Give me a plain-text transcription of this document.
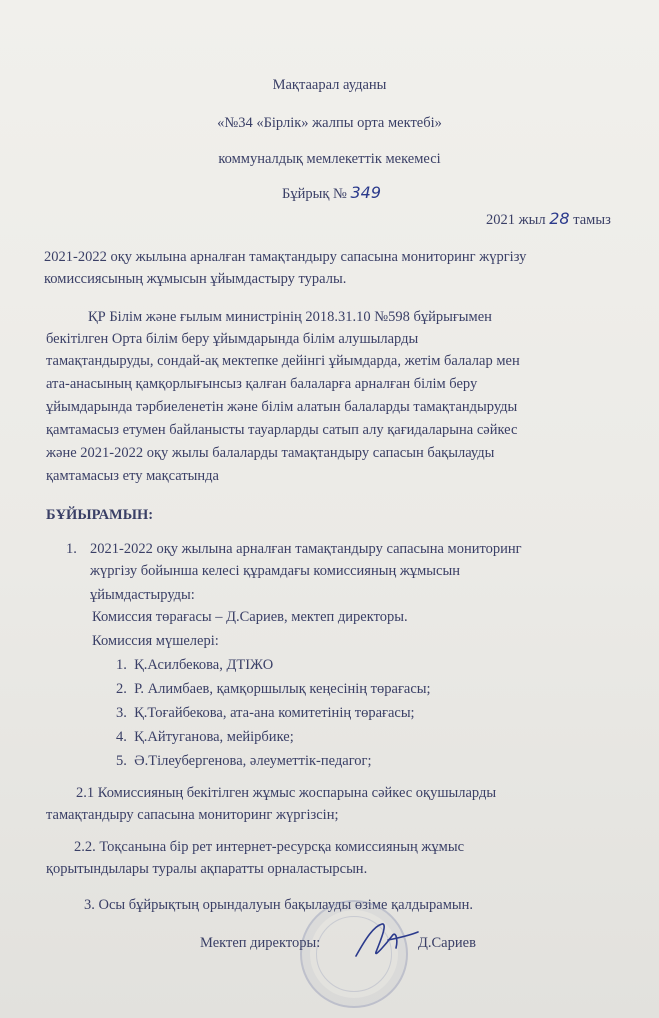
Мақтаарал ауданы
«№34 «Бірлік» жалпы орта мектебі»
коммуналдық мемлекеттік мекемесі
Бұйрық № 349
2021 жыл 28 тамыз
2021-2022 оқу жылына арналған тамақтандыру сапасына мониторинг жүргізу
комиссиясының жұмысын ұйымдастыру туралы.
ҚР Білім және ғылым министрінің 2018.31.10 №598 бұйрығымен
бекітілген Орта білім беру ұйымдарында білім алушыларды
тамақтандыруды, сондай-ақ мектепке дейінгі ұйымдарда, жетім балалар мен
ата-анасының қамқорлығынсыз қалған балаларға арналған білім беру
ұйымдарында тәрбиеленетін және білім алатын балаларды тамақтандыруды
қамтамасыз етумен байланысты тауарларды сатып алу қағидаларына сәйкес
және 2021-2022 оқу жылы балаларды тамақтандыру сапасын бақылауды
қамтамасыз ету мақсатында
БҰЙЫРАМЫН:
1. 2021-2022 оқу жылына арналған тамақтандыру сапасына мониторинг
жүргізу бойынша келесі құрамдағы комиссияның жұмысын
ұйымдастыруды:
Комиссия төрағасы – Д.Сариев, мектеп директоры.
Комиссия мүшелері:
1. Қ.Асилбекова, ДТІЖО
2. Р. Алимбаев, қамқоршылық кеңесінің төрағасы;
3. Қ.Тоғайбекова, ата-ана комитетінің төрағасы;
4. Қ.Айтуганова, мейірбике;
5. Ә.Тілеубергенова, әлеуметтік-педагог;
2.1 Комиссияның бекітілген жұмыс жоспарына сәйкес оқушыларды
тамақтандыру сапасына мониторинг жүргізсін;
2.2. Тоқсанына бір рет интернет-ресурсқа комиссияның жұмыс
қорытындылары туралы ақпаратты орналастырсын.
3. Осы бұйрықтың орындалуын бақылауды өзіме қалдырамын.
Мектеп директоры:	Д.Сариев
